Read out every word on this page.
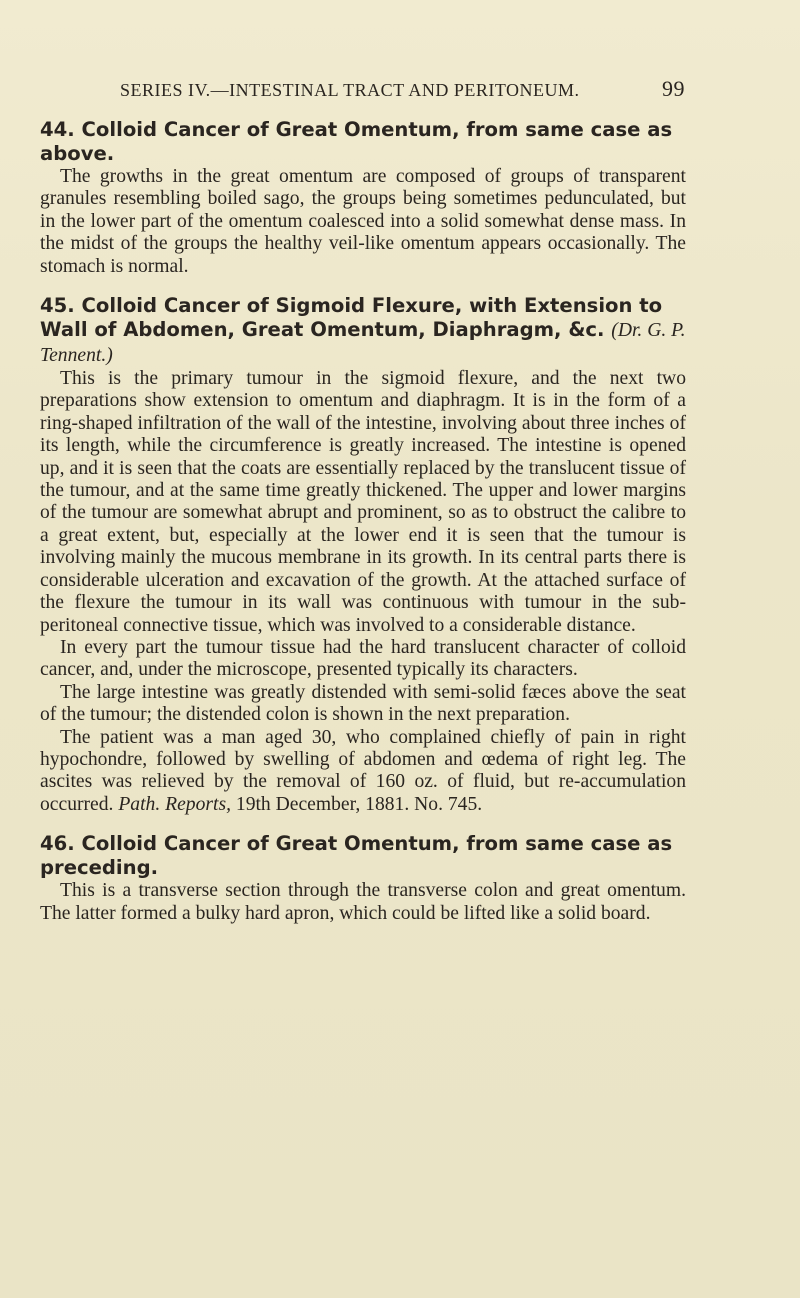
SERIES IV.—INTESTINAL TRACT AND PERITONEUM.	99
44. Colloid Cancer of Great Omentum, from same case as above.

The growths in the great omentum are composed of groups of transparent granules resembling boiled sago, the groups being sometimes pedunculated, but in the lower part of the omentum coalesced into a solid somewhat dense mass. In the midst of the groups the healthy veil-like omentum appears occasionally. The stomach is normal.

45. Colloid Cancer of Sigmoid Flexure, with Extension to Wall of Abdomen, Great Omentum, Diaphragm, &c. (Dr. G. P. Tennent.)

This is the primary tumour in the sigmoid flexure, and the next two preparations show extension to omentum and diaphragm. It is in the form of a ring-shaped infiltration of the wall of the intestine, involving about three inches of its length, while the circumference is greatly increased. The intestine is opened up, and it is seen that the coats are essentially replaced by the translucent tissue of the tumour, and at the same time greatly thickened. The upper and lower margins of the tumour are somewhat abrupt and prominent, so as to obstruct the calibre to a great extent, but, especially at the lower end it is seen that the tumour is involving mainly the mucous membrane in its growth. In its central parts there is considerable ulceration and excavation of the growth. At the attached surface of the flexure the tumour in its wall was continuous with tumour in the sub-peritoneal connective tissue, which was involved to a considerable distance.

In every part the tumour tissue had the hard translucent character of colloid cancer, and, under the microscope, presented typically its characters.

The large intestine was greatly distended with semi-solid fæces above the seat of the tumour; the distended colon is shown in the next preparation.

The patient was a man aged 30, who complained chiefly of pain in right hypochondre, followed by swelling of abdomen and œdema of right leg. The ascites was relieved by the removal of 160 oz. of fluid, but re-accumulation occurred. Path. Reports, 19th December, 1881. No. 745.

46. Colloid Cancer of Great Omentum, from same case as preceding.

This is a transverse section through the transverse colon and great omentum. The latter formed a bulky hard apron, which could be lifted like a solid board.
